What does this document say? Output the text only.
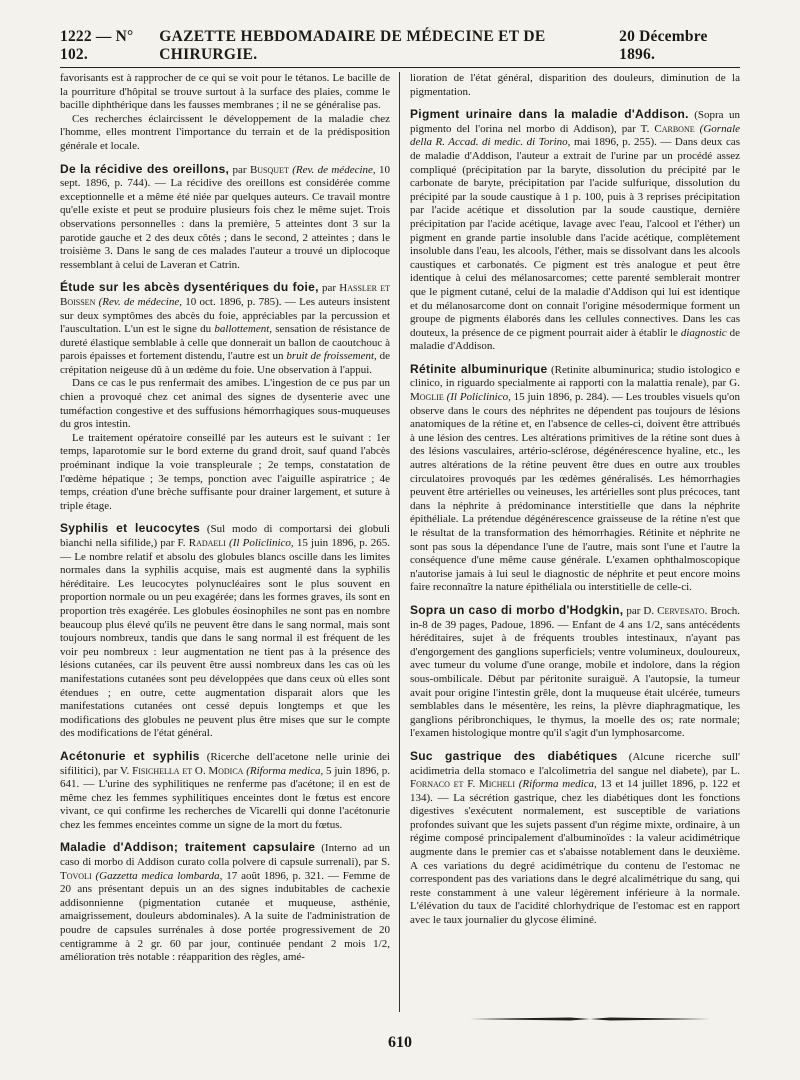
1222 — N° 102.
GAZETTE HEBDOMADAIRE DE MÉDECINE ET DE CHIRURGIE.
20 Décembre 1896.

favorisants est à rapprocher de ce qui se voit pour le tétanos. Le bacille de la pourriture d'hôpital se trouve surtout à la surface des plaies, comme le bacille diphthérique dans les fausses membranes ; il ne se généralise pas.

Ces recherches éclaircissent le développement de la maladie chez l'homme, elles montrent l'importance du terrain et de la prédisposition générale et locale.

De la récidive des oreillons, par Busquet (Rev. de médecine, 10 sept. 1896, p. 744). — La récidive des oreillons est considérée comme exceptionnelle et a même été niée par quelques auteurs. Ce travail montre qu'elle existe et peut se produire plusieurs fois chez le même sujet. Trois observations personnelles : dans la première, 5 atteintes dont 3 sur la parotide gauche et 2 des deux côtés ; dans le second, 2 atteintes ; dans le troisième 3. Dans le sang de ces malades l'auteur a trouvé un diplocoque ressemblant à celui de Laveran et Catrin.

Étude sur les abcès dysentériques du foie, par Hassler et Boissen (Rev. de médecine, 10 oct. 1896, p. 785). — Les auteurs insistent sur deux symptômes des abcès du foie, appréciables par la percussion et l'auscultation. L'un est le signe du ballottement, sensation de résistance de dureté élastique semblable à celle que donnerait un ballon de caoutchouc à parois épaisses et fortement distendu, l'autre est un bruit de froissement, de crépitation neigeuse dû à un œdème du foie. Une observation à l'appui.

Dans ce cas le pus renfermait des amibes. L'ingestion de ce pus par un chien a provoqué chez cet animal des signes de dysenterie avec une tuméfaction congestive et des suffusions hémorrhagiques sous-muqueuses du gros intestin.

Le traitement opératoire conseillé par les auteurs est le suivant : 1er temps, laparotomie sur le bord externe du grand droit, sauf quand l'abcès proéminant indique la voie transpleurale ; 2e temps, constatation de l'œdème hépatique ; 3e temps, ponction avec l'aiguille aspiratrice ; 4e temps, création d'une brèche suffisante pour drainer largement, et suture à triple étage.

Syphilis et leucocytes (Sul modo di comportarsi dei globuli bianchi nella sifilide,) par F. Radaeli (Il Policlinico, 15 juin 1896, p. 265. — Le nombre relatif et absolu des globules blancs oscille dans les limites normales dans la syphilis acquise, mais est augmenté dans la syphilis héréditaire. Les leucocytes polynucléaires sont le plus souvent en proportion normale ou un peu exagérée; dans les formes graves, ils sont en proportion très exagérée. Les globules éosinophiles ne sont pas en nombre beaucoup plus élevé qu'ils ne peuvent être dans le sang normal, mais sont toujours nombreux, tandis que dans le sang normal il est fréquent de les voir peu nombreux : leur augmentation ne tient pas à la présence des lésions cutanées, car ils peuvent être aussi nombreux dans les cas où les manifestations cutanées sont peu développées que dans ceux où elles sont étendues ; en outre, cette augmentation disparait alors que les manifestations cutanées ont cessé depuis longtemps et que les modifications des globules ne peuvent plus être mises que sur le compte des modifications de l'état général.

Acétonurie et syphilis (Ricerche dell'acetone nelle urinie dei sifilitici), par V. Fisichella et O. Modica (Riforma medica, 5 juin 1896, p. 641. — L'urine des syphilitiques ne renferme pas d'acétone; il en est de même chez les femmes syphilitiques enceintes dont le fœtus est encore vivant, ce qui confirme les recherches de Vicarelli qui donne l'acétonurie chez les femmes enceintes comme un signe de la mort du fœtus.

Maladie d'Addison; traitement capsulaire (Interno ad un caso di morbo di Addison curato colla polvere di capsule surrenali), par S. Tovoli (Gazzetta medica lombarda, 17 août 1896, p. 321. — Femme de 20 ans présentant depuis un an des signes indubitables de cachexie addisonnienne (pigmentation cutanée et muqueuse, asthénie, amaigrissement, douleurs abdominales). A la suite de l'administration de poudre de capsules surrénales à dose portée progressivement de 20 centigramme à 2 gr. 60 par jour, continuée pendant 2 mois 1/2, amélioration très notable : réapparition des règles, amé-

lioration de l'état général, disparition des douleurs, diminution de la pigmentation.

Pigment urinaire dans la maladie d'Addison. (Sopra un pigmento del l'orina nel morbo di Addison), par T. Carbone (Gornale della R. Accad. di medic. di Torino, mai 1896, p. 255). — Dans deux cas de maladie d'Addison, l'auteur a extrait de l'urine par un procédé assez compliqué (précipitation par la baryte, dissolution du précipité par le carbonate de baryte, précipitation par l'acide sulfurique, dissolution du précipité par la soude caustique à 1 p. 100, puis à 3 reprises précipitation par l'acide acétique et dissolution par la soude caustique, dernière précipitation par l'acide acétique, lavage avec l'eau, l'alcool et l'éther) un pigment en grande partie insoluble dans l'acide acétique, complètement insoluble dans l'eau, les alcools, l'éther, mais se dissolvant dans les alcools caustiques et carbonatés. Ce pigment est très analogue et peut être identique à celui des mélanosarcomes; cette parenté semblerait montrer que le pigment cutané, celui de la maladie d'Addison qui lui est identique et du mélanosarcome dont on connait l'origine mésodermique forment un groupe de pigments élaborés dans les cellules connectives. Dans les cas douteux, la présence de ce pigment pourrait aider à établir le diagnostic de maladie d'Addison.

Rétinite albuminurique (Retinite albuminurica; studio istologico e clinico, in riguardo specialmente ai rapporti con la malattia renale), par G. Moglie (Il Policlinico, 15 juin 1896, p. 284). — Les troubles visuels qu'on observe dans le cours des néphrites ne dépendent pas toujours de lésions anatomiques de la rétine et, en l'absence de celles-ci, doivent être attribués à une lésion des centres. Les altérations primitives de la rétine sont dues à des lésions vasculaires, artério-sclérose, dégénérescence hyaline, etc., les autres altérations de la rétine peuvent être dues en outre aux troubles circulatoires provoqués par les œdèmes généralisés. Les hémorrhagies peuvent être artérielles ou veineuses, les artérielles sont plus précoces, tant dans la néphrite à prédominance interstitielle que dans la néphrite épithéliale. La prétendue dégénérescence graisseuse de la rétine n'est que le résultat de la transformation des hémorrhagies. Rétinite et néphrite ne sont pas sous la dépendance l'une de l'autre, mais sont l'une et l'autre la conséquence d'une même cause générale. L'examen ophthalmoscopique n'autorise jamais à lui seul le diagnostic de néphrite et peut encore moins faire reconnaître la nature épithéliala ou interstitielle de celle-ci.

Sopra un caso di morbo d'Hodgkin, par D. Cervesato. Broch. in-8 de 39 pages, Padoue, 1896. — Enfant de 4 ans 1/2, sans antécédents héréditaires, sujet à de fréquents troubles intestinaux, n'ayant pas d'engorgement des ganglions superficiels; ventre volumineux, douloureux, avec tumeur du volume d'une orange, mobile et indolore, dans la région sous-ombilicale. Début par péritonite suraiguë. A l'autopsie, la tumeur avait pour origine l'intestin grêle, dont la muqueuse était ulcérée, tumeurs semblables dans le mésentère, les reins, la plèvre diaphragmatique, les ganglions péribronchiques, le thymus, la moelle des os; rate normale; l'examen histologique montre qu'il s'agit d'un lymphosarcome.

Suc gastrique des diabétiques (Alcune ricerche sull' acidimetria della stomaco e l'alcolimetria del sangue nel diabete), par L. Fornaco et F. Micheli (Riforma medica, 13 et 14 juillet 1896, p. 122 et 134). — La sécrétion gastrique, chez les diabétiques dont les fonctions digestives s'exécutent normalement, est susceptible de variations profondes suivant que les sujets passent d'un régime mixte, ordinaire, à un régime composé principalement d'albuminoïdes : la valeur acidimétrique augmente dans le premier cas et s'abaisse notablement dans le deuxième. A ces variations du degré acidimétrique du contenu de l'estomac ne correspondent pas des variations dans le degré alcalimétrique du sang, qui reste constamment à une valeur légèrement inférieure à la normale. L'élévation du taux de l'acidité chlorhydrique de l'estomac est en rapport avec le taux journalier du glycose éliminé.

610
